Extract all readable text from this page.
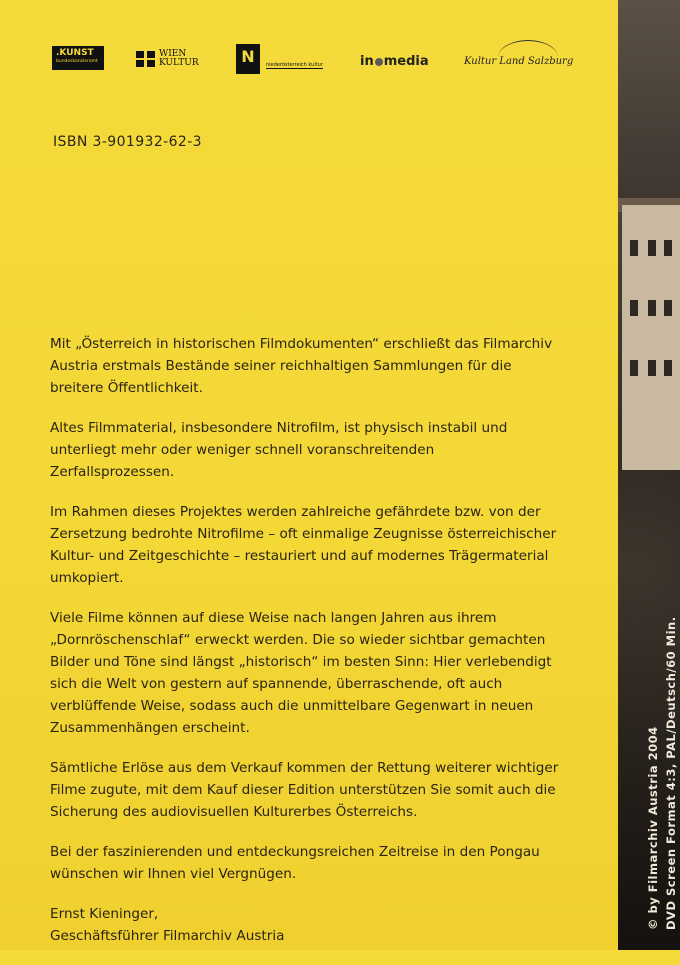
© by Filmarchiv Austria 2004 DVD Screen Format 4:3, PAL/Deutsch/60 Min.
.KUNST
bundeskanzleramt
WIEN
KULTUR	N	niederösterreich kultur	in media	Kultur Land Salzburg
ISBN 3-901932-62-3

Mit „Österreich in historischen Filmdokumenten“ erschließt das Filmarchiv Austria erstmals Bestände seiner reichhaltigen Sammlungen für die breitere Öffentlichkeit.

Altes Filmmaterial, insbesondere Nitrofilm, ist physisch instabil und unterliegt mehr oder weniger schnell voranschreitenden Zerfallsprozessen.

Im Rahmen dieses Projektes werden zahlreiche gefährdete bzw. von der Zersetzung bedrohte Nitrofilme – oft einmalige Zeugnisse österreichischer Kultur- und Zeitgeschichte – restauriert und auf modernes Trägermaterial umkopiert.

Viele Filme können auf diese Weise nach langen Jahren aus ihrem „Dornröschenschlaf“ erweckt werden. Die so wieder sichtbar gemachten Bilder und Töne sind längst „historisch“ im besten Sinn: Hier verlebendigt sich die Welt von gestern auf spannende, überraschende, oft auch verblüffende Weise, sodass auch die unmittelbare Gegenwart in neuen Zusammenhängen erscheint.

Sämtliche Erlöse aus dem Verkauf kommen der Rettung weiterer wichtiger Filme zugute, mit dem Kauf dieser Edition unterstützen Sie somit auch die Sicherung des audiovisuellen Kulturerbes Österreichs.

Bei der faszinierenden und entdeckungsreichen Zeitreise in den Pongau wünschen wir Ihnen viel Vergnügen.

Ernst Kieninger,
Geschäftsführer Filmarchiv Austria
